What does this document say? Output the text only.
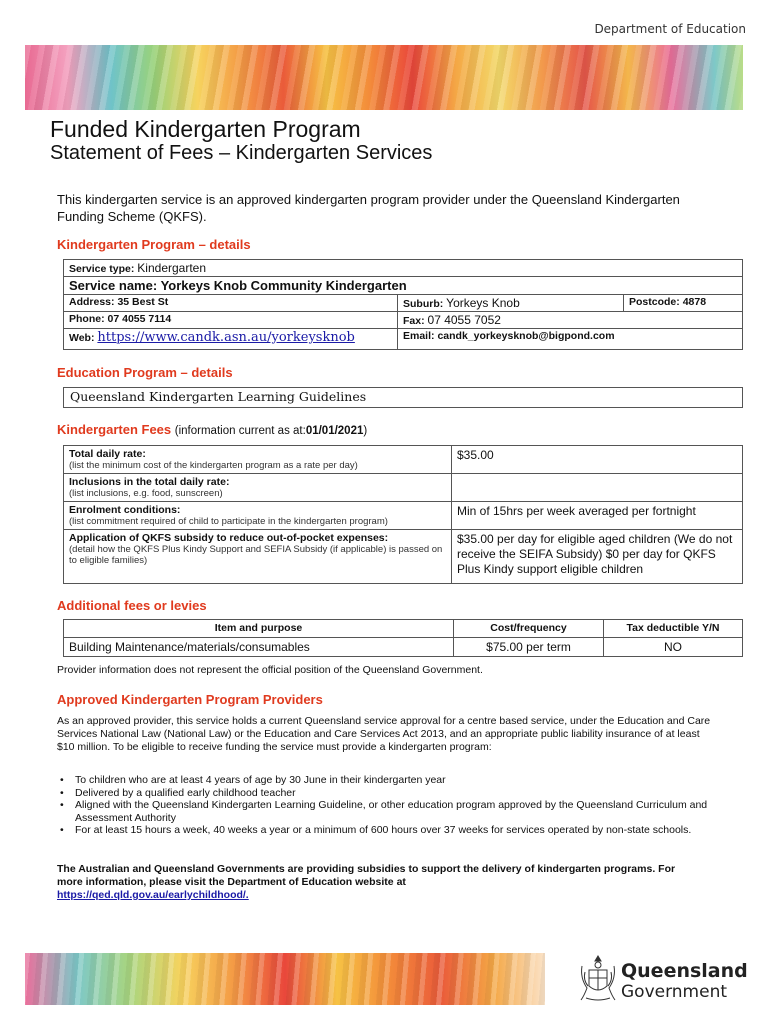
Department of Education
Funded Kindergarten Program
Statement of Fees – Kindergarten Services

This kindergarten service is an approved kindergarten program provider under the Queensland Kindergarten Funding Scheme (QKFS).

Kindergarten Program – details
Service type: Kindergarten		
Service name: Yorkeys Knob Community Kindergarten		
Address: 35 Best St	Suburb: Yorkeys Knob	Postcode: 4878
Phone: 07 4055 7114	Fax: 07 4055 7052	
Web: https://www.candk.asn.au/yorkeysknob	Email: candk_yorkeysknob@bigpond.com	
Education Program – details
Queensland Kindergarten Learning Guidelines
Kindergarten Fees (information current as at:01/01/2021)
Total daily rate:
(list the minimum cost of the kindergarten program as a rate per day)	$35.00

Inclusions in the total daily rate:
(list inclusions, e.g. food, sunscreen)	

Enrolment conditions:
(list commitment required of child to participate in the kindergarten program)	Min of 15hrs per week averaged per fortnight

Application of QKFS subsidy to reduce out-of-pocket expenses:
(detail how the QKFS Plus Kindy Support and SEFIA Subsidy (if applicable) is passed on to eligible families)	$35.00 per day for eligible aged children (We do not receive the SEIFA Subsidy) $0 per day for QKFS Plus Kindy support eligible children
Additional fees or levies
Item and purpose	Cost/frequency	Tax deductible Y/N
Building Maintenance/materials/consumables	$75.00 per term	NO

Provider information does not represent the official position of the Queensland Government.

Approved Kindergarten Program Providers

As an approved provider, this service holds a current Queensland service approval for a centre based service, under the Education and Care Services National Law (National Law) or the Education and Care Services Act 2013, and an appropriate public liability insurance of at least $10 million. To be eligible to receive funding the service must provide a kindergarten program:

• To children who are at least 4 years of age by 30 June in their kindergarten year
• Delivered by a qualified early childhood teacher
• Aligned with the Queensland Kindergarten Learning Guideline, or other education program approved by the Queensland Curriculum and Assessment Authority
• For at least 15 hours a week, 40 weeks a year or a minimum of 600 hours over 37 weeks for services operated by non-state schools.

The Australian and Queensland Governments are providing subsidies to support the delivery of kindergarten programs. For more information, please visit the Department of Education website at
https://qed.qld.gov.au/earlychildhood/.

Queensland
Government
